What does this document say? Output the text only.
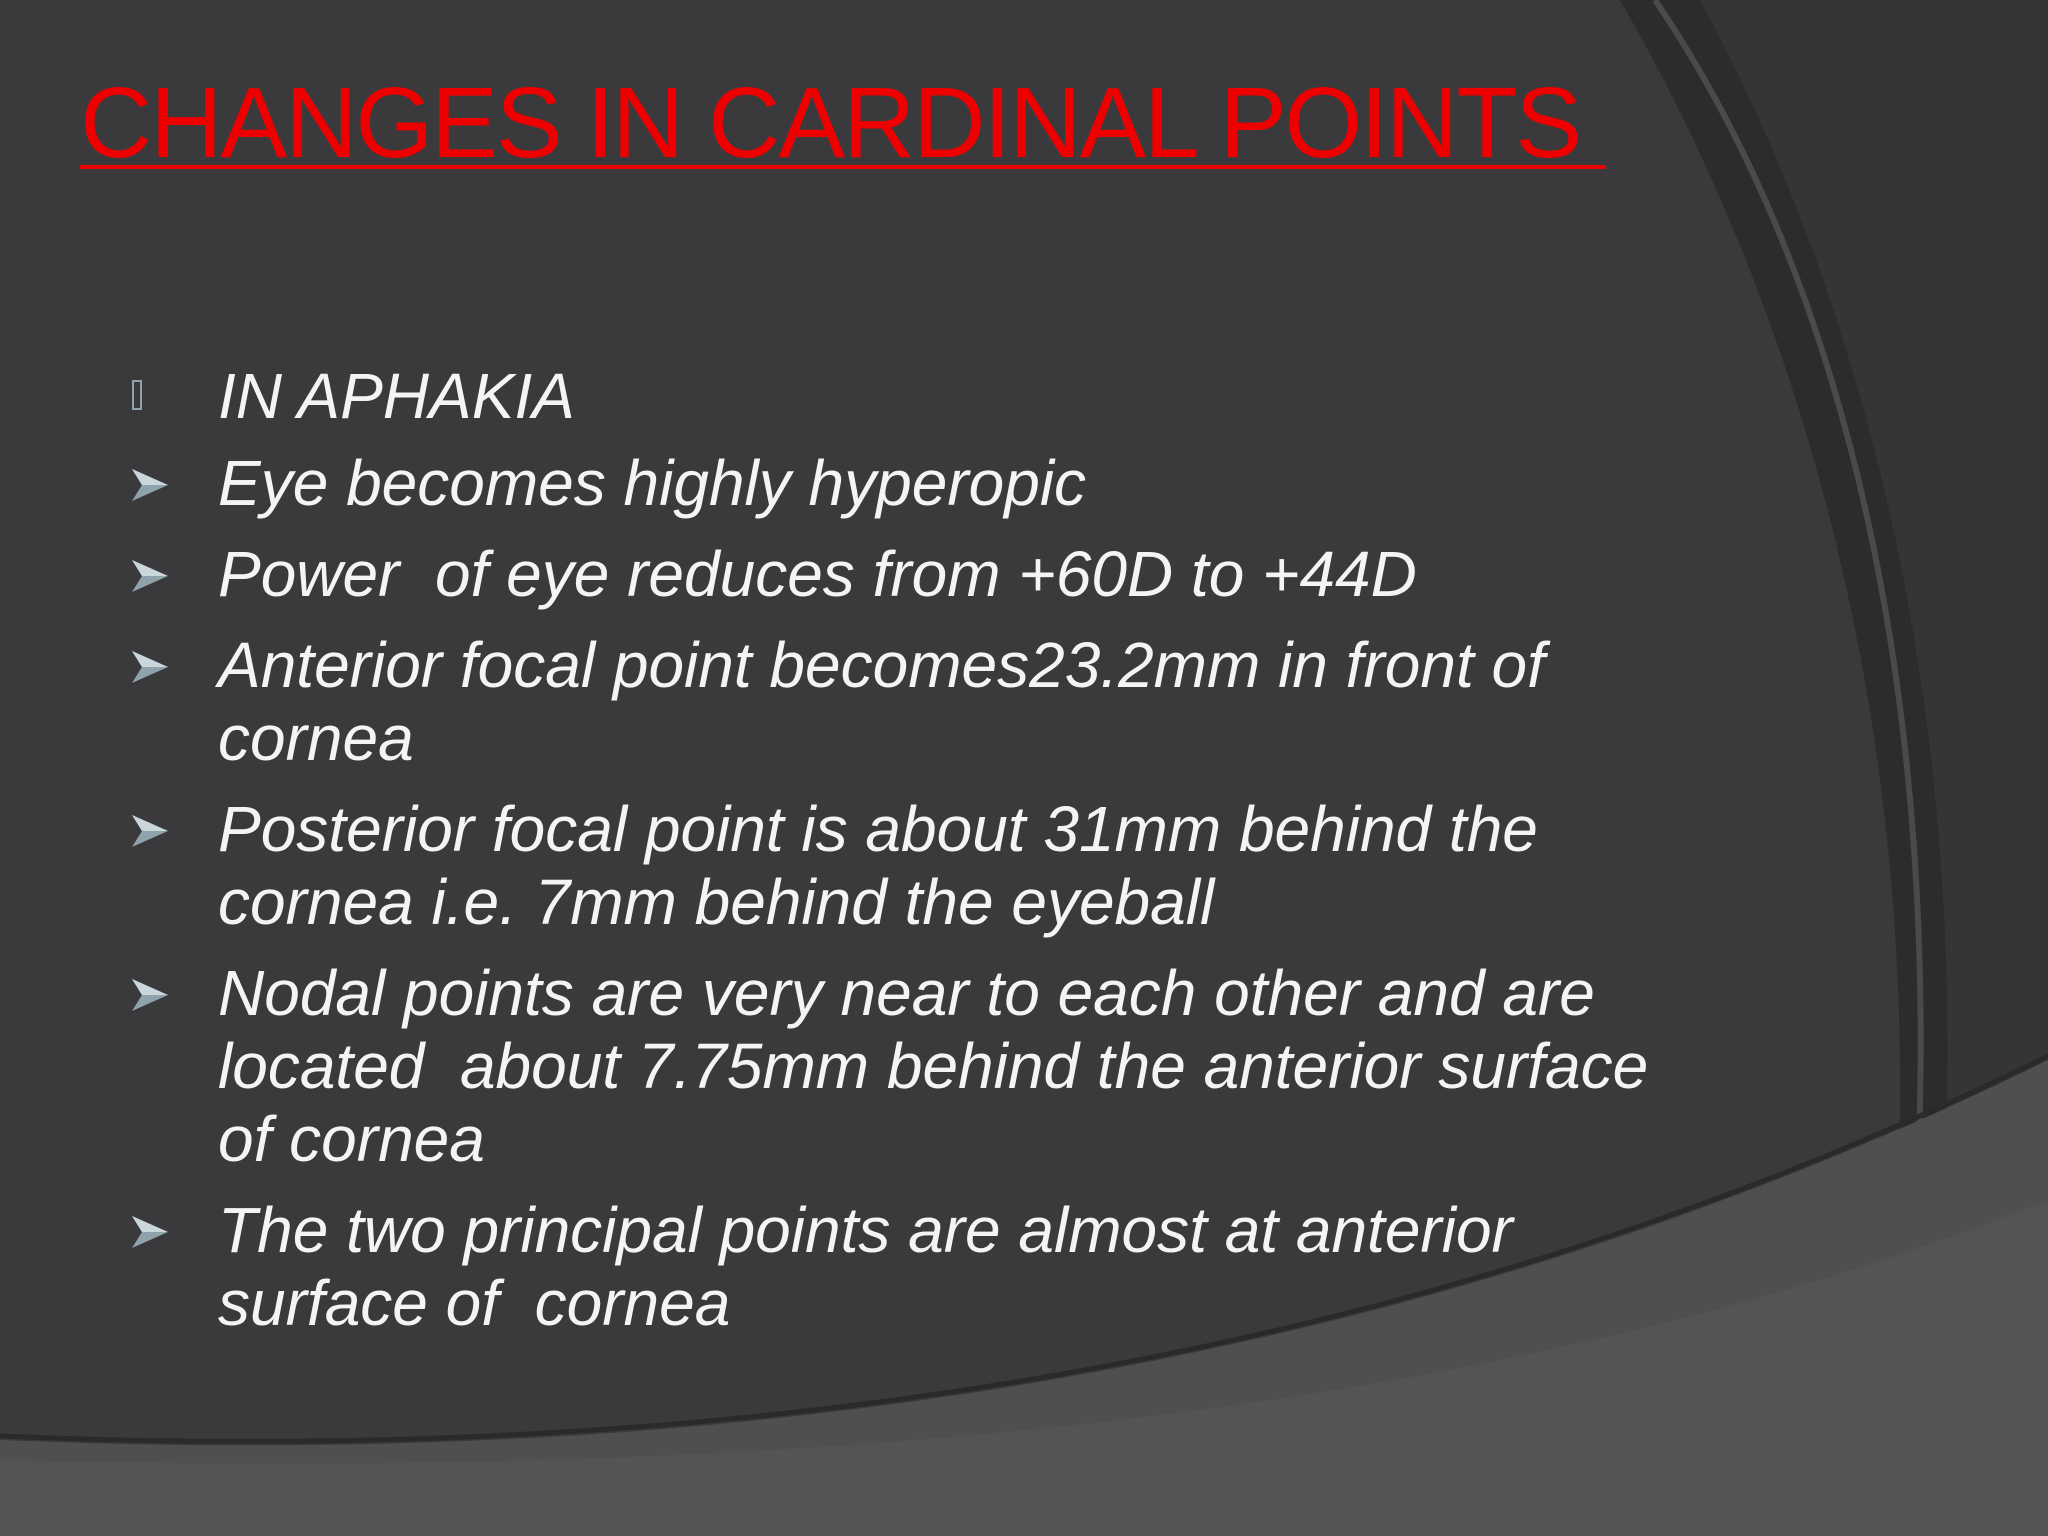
CHANGES IN CARDINAL POINTS
IN APHAKIA
Eye becomes highly hyperopic
Power  of eye reduces from +60D to +44D
Anterior focal point becomes23.2mm in front of
cornea
Posterior focal point is about 31mm behind the
cornea i.e. 7mm behind the eyeball
Nodal points are very near to each other and are
located  about 7.75mm behind the anterior surface
of cornea
The two principal points are almost at anterior
surface of  cornea
